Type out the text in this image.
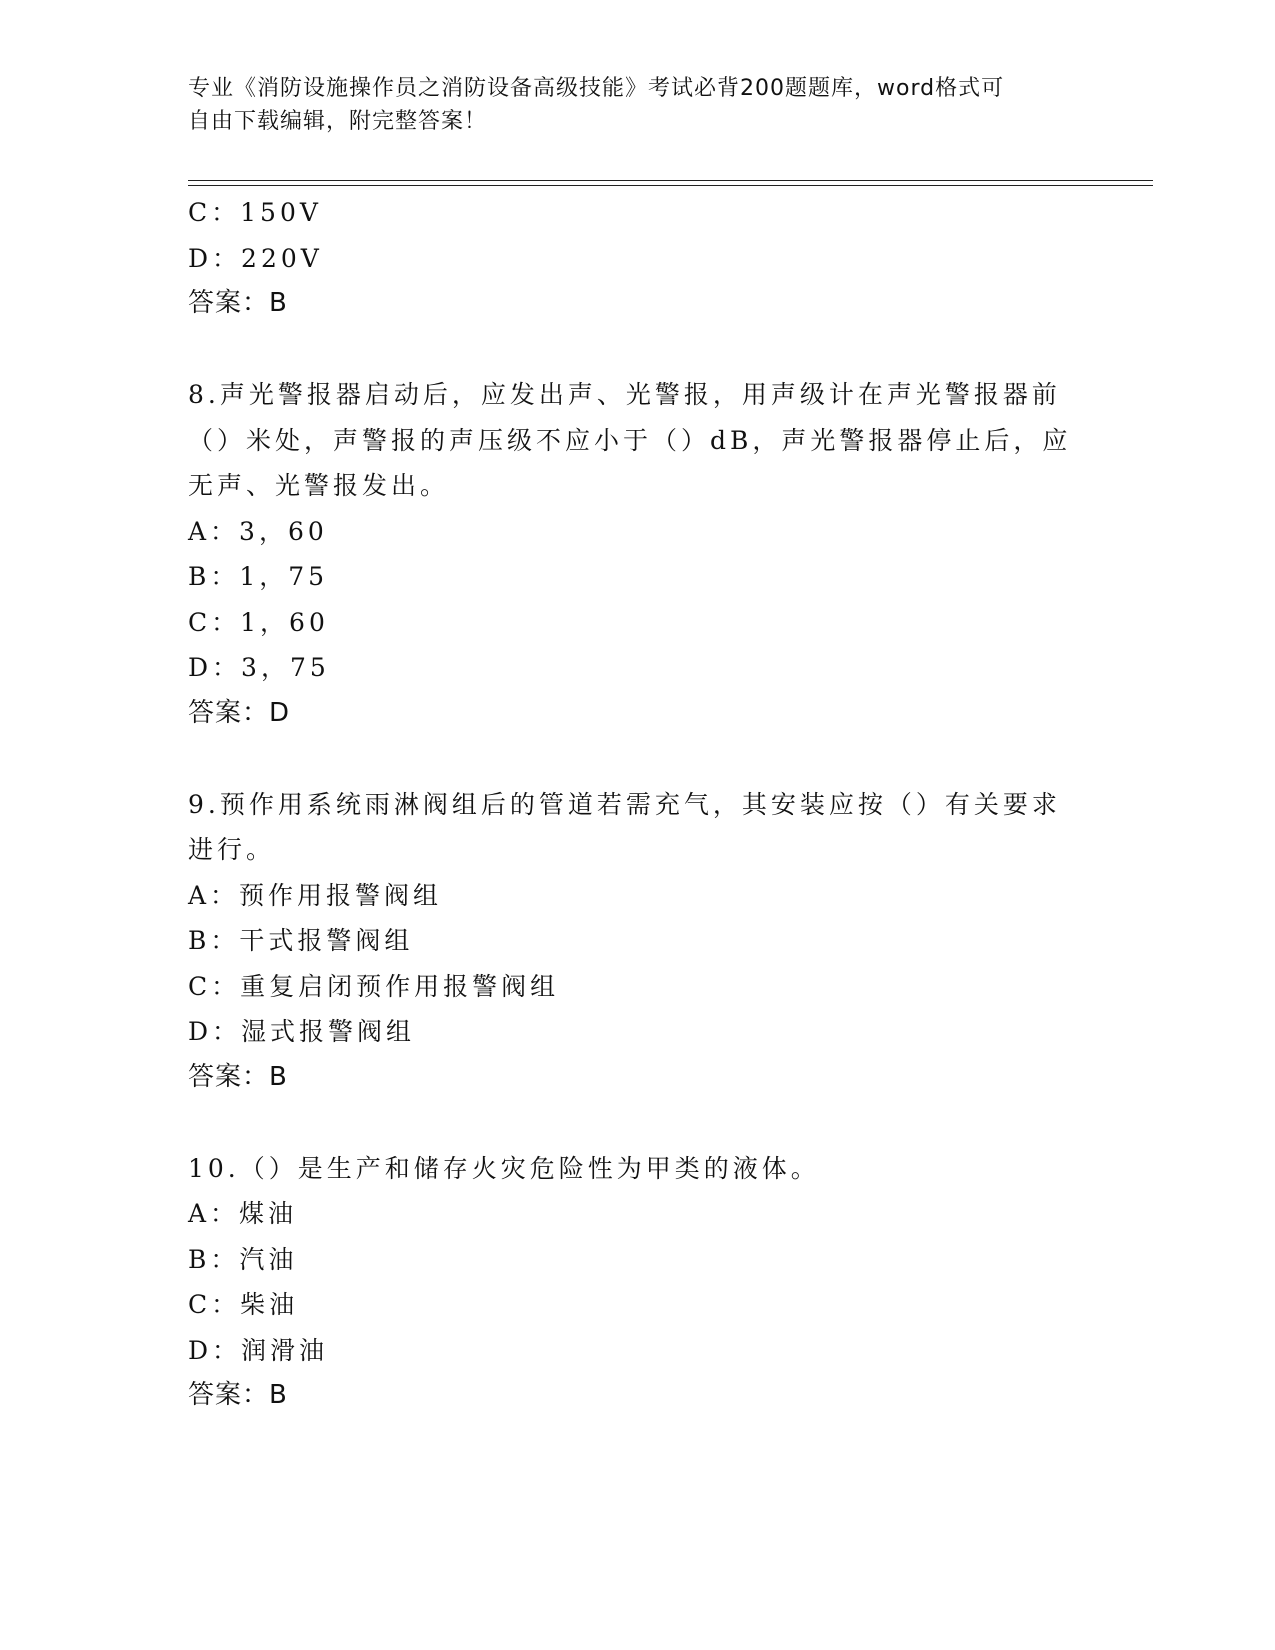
专业《消防设施操作员之消防设备高级技能》考试必背200题题库，word格式可
自由下载编辑，附完整答案！
C：150V
D：220V
答案：B
8.声光警报器启动后，应发出声、光警报，用声级计在声光警报器前
（）米处，声警报的声压级不应小于（）dB，声光警报器停止后，应
无声、光警报发出。
A：3，60
B：1，75
C：1，60
D：3，75
答案：D
9.预作用系统雨淋阀组后的管道若需充气，其安装应按（）有关要求
进行。
A：预作用报警阀组
B：干式报警阀组
C：重复启闭预作用报警阀组
D：湿式报警阀组
答案：B
10.（）是生产和储存火灾危险性为甲类的液体。
A：煤油
B：汽油
C：柴油
D：润滑油
答案：B
